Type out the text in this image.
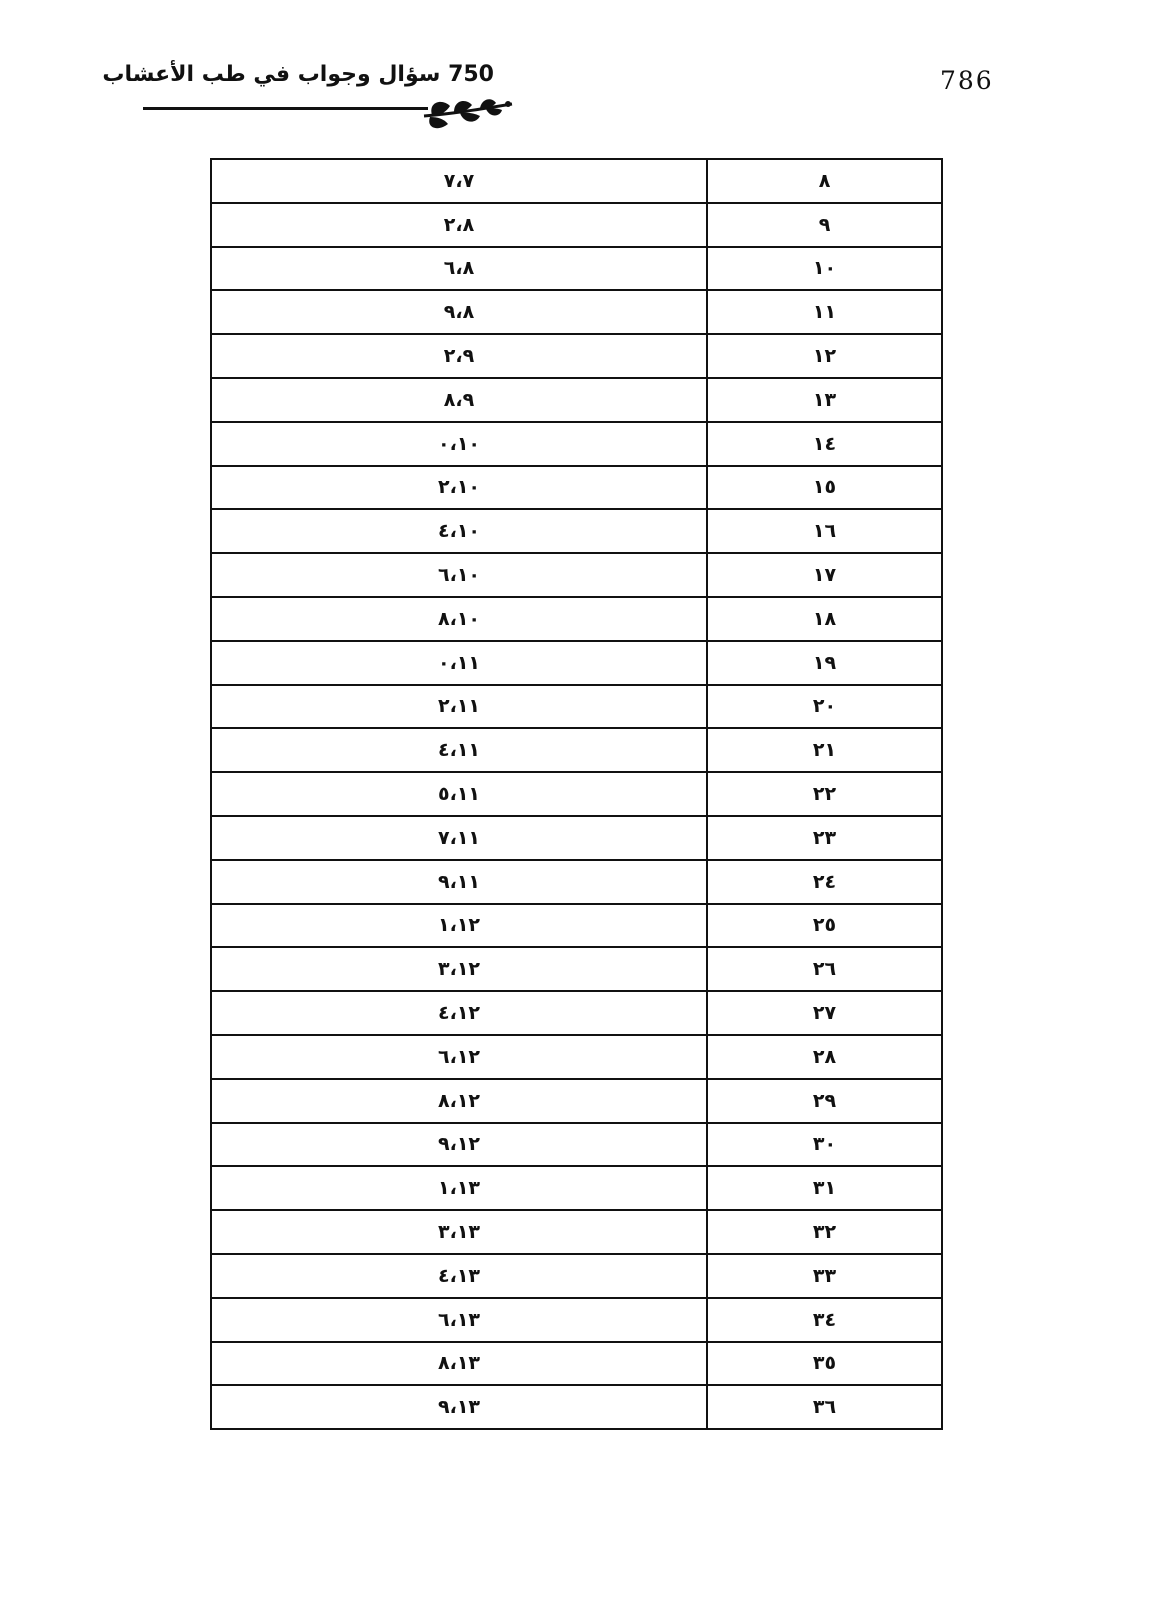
786
750 سؤال وجواب في طب الأعشاب
٧،٧	٨
٢،٨	٩
٦،٨	١٠
٩،٨	١١
٢،٩	١٢
٨،٩	١٣
٠،١٠	١٤
٢،١٠	١٥
٤،١٠	١٦
٦،١٠	١٧
٨،١٠	١٨
٠،١١	١٩
٢،١١	٢٠
٤،١١	٢١
٥،١١	٢٢
٧،١١	٢٣
٩،١١	٢٤
١،١٢	٢٥
٣،١٢	٢٦
٤،١٢	٢٧
٦،١٢	٢٨
٨،١٢	٢٩
٩،١٢	٣٠
١،١٣	٣١
٣،١٣	٣٢
٤،١٣	٣٣
٦،١٣	٣٤
٨،١٣	٣٥
٩،١٣	٣٦
